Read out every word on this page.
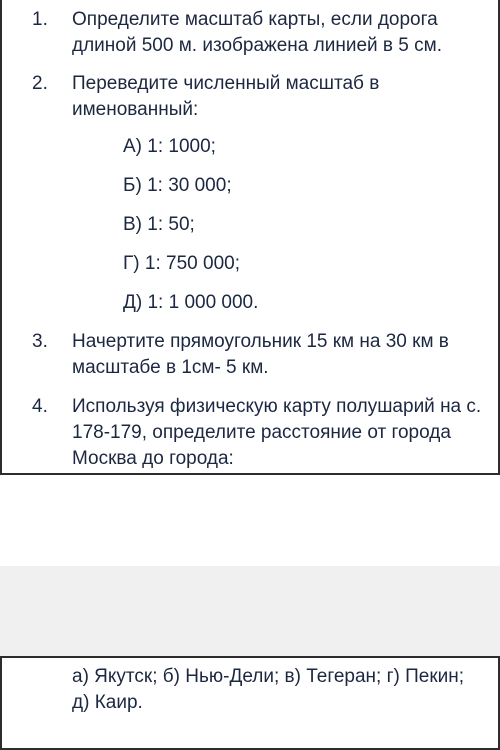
1. Определите масштаб карты, если дорога длиной 500 м. изображена линией в 5 см.
2. Переведите численный масштаб в именованный:
А) 1: 1000;
Б) 1: 30 000;
В) 1: 50;
Г) 1: 750 000;
Д) 1: 1 000 000.
3. Начертите прямоугольник 15 км на 30 км в масштабе в 1см- 5 км.
4. Используя физическую карту полушарий на с. 178-179, определите расстояние от города Москва до города:
а) Якутск; б) Нью-Дели; в) Тегеран; г) Пекин; д) Каир.
